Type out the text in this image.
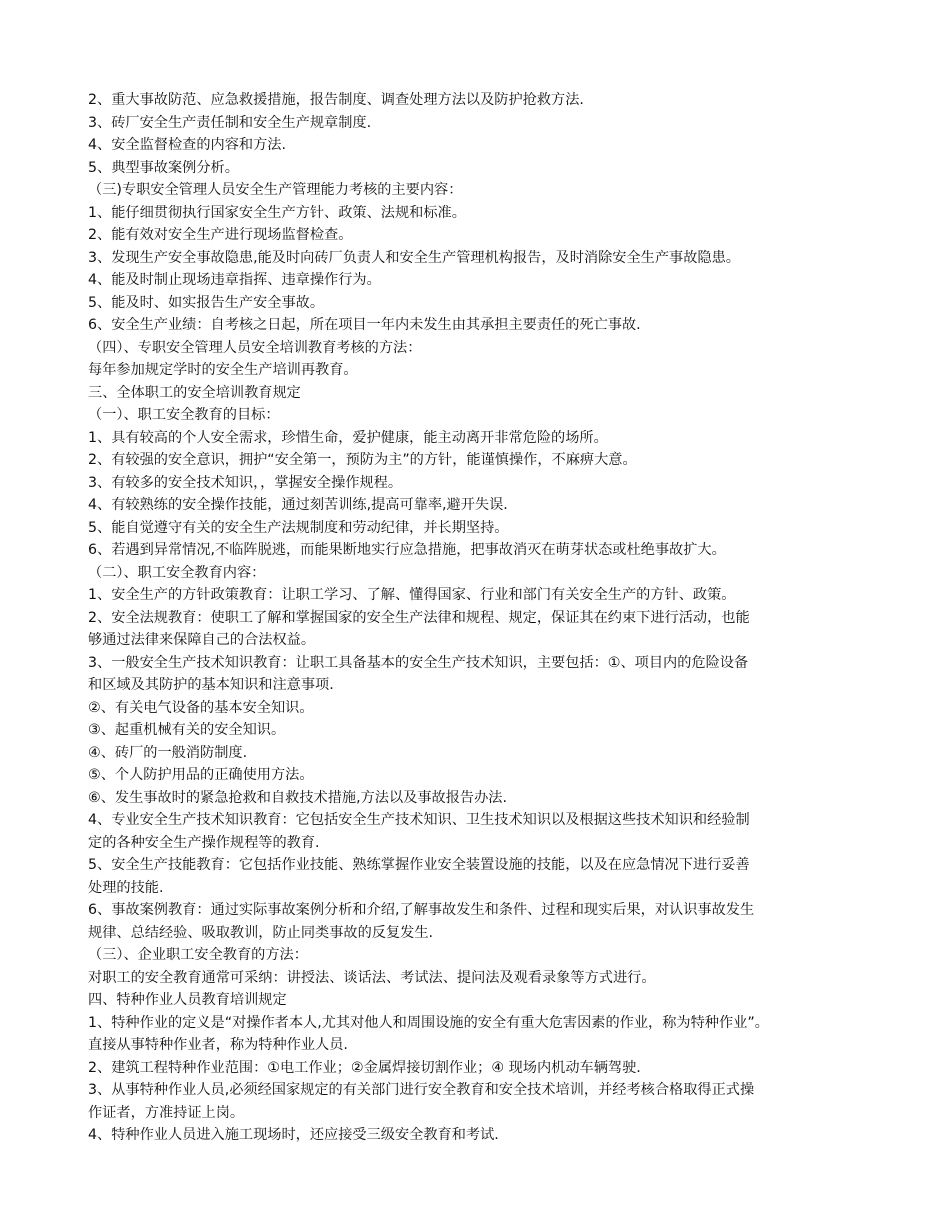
2、重大事故防范、应急救援措施，报告制度、调查处理方法以及防护抢救方法.

3、砖厂安全生产责任制和安全生产规章制度.

4、安全监督检查的内容和方法.

5、典型事故案例分析。

（三)专职安全管理人员安全生产管理能力考核的主要内容：

1、能仔细贯彻执行国家安全生产方针、政策、法规和标准。

2、能有效对安全生产进行现场监督检查。

3、发现生产安全事故隐患,能及时向砖厂负责人和安全生产管理机构报告，及时消除安全生产事故隐患。

4、能及时制止现场违章指挥、违章操作行为。

5、能及时、如实报告生产安全事故。

6、安全生产业绩：自考核之日起，所在项目一年内未发生由其承担主要责任的死亡事故.

（四）、专职安全管理人员安全培训教育考核的方法：

每年参加规定学时的安全生产培训再教育。

三、全体职工的安全培训教育规定

（一）、职工安全教育的目标：

1、具有较高的个人安全需求，珍惜生命，爱护健康，能主动离开非常危险的场所。

2、有较强的安全意识，拥护“安全第一，预防为主”的方针，能谨慎操作，不麻痹大意。

3、有较多的安全技术知识，，掌握安全操作规程。

4、有较熟练的安全操作技能，通过刻苦训练,提高可靠率,避开失误.

5、能自觉遵守有关的安全生产法规制度和劳动纪律，并长期坚持。

6、若遇到异常情况,不临阵脱逃，而能果断地实行应急措施，把事故消灭在萌芽状态或杜绝事故扩大。

（二）、职工安全教育内容：

1、安全生产的方针政策教育：让职工学习、了解、懂得国家、行业和部门有关安全生产的方针、政策。

2、安全法规教育：使职工了解和掌握国家的安全生产法律和规程、规定，保证其在约束下进行活动，也能

够通过法律来保障自己的合法权益。

3、一般安全生产技术知识教育：让职工具备基本的安全生产技术知识，主要包括：①、项目内的危险设备

和区域及其防护的基本知识和注意事项.

②、有关电气设备的基本安全知识。

③、起重机械有关的安全知识。

④、砖厂的一般消防制度.

⑤、个人防护用品的正确使用方法。

⑥、发生事故时的紧急抢救和自救技术措施,方法以及事故报告办法.

4、专业安全生产技术知识教育：它包括安全生产技术知识、卫生技术知识以及根据这些技术知识和经验制

定的各种安全生产操作规程等的教育.

5、安全生产技能教育：它包括作业技能、熟练掌握作业安全装置设施的技能，以及在应急情况下进行妥善

处理的技能.

6、事故案例教育：通过实际事故案例分析和介绍,了解事故发生和条件、过程和现实后果，对认识事故发生

规律、总结经验、吸取教训，防止同类事故的反复发生.

（三）、企业职工安全教育的方法：

对职工的安全教育通常可采纳：讲授法、谈话法、考试法、提问法及观看录象等方式进行。

四、特种作业人员教育培训规定

1、特种作业的定义是“对操作者本人,尤其对他人和周围设施的安全有重大危害因素的作业，称为特种作业”。

直接从事特种作业者，称为特种作业人员.

2、建筑工程特种作业范围：①电工作业；②金属焊接切割作业；④ 现场内机动车辆驾驶.

3、从事特种作业人员,必须经国家规定的有关部门进行安全教育和安全技术培训，并经考核合格取得正式操

作证者，方准持证上岗。

4、特种作业人员进入施工现场时，还应接受三级安全教育和考试.
